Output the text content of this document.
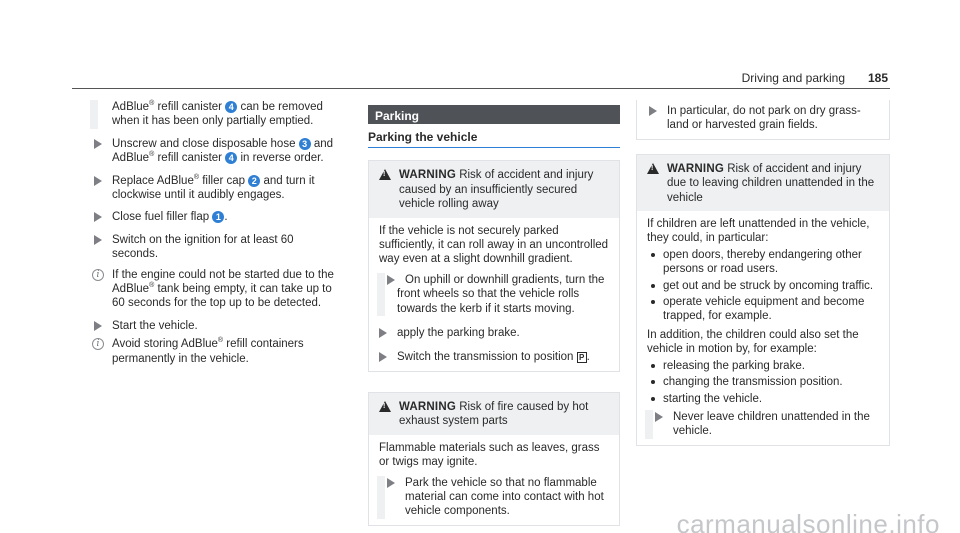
Driving and parking 185
AdBlue® refill canister 4 can be removed when it has been only partially emptied.
Unscrew and close disposable hose 3 and AdBlue® refill canister 4 in reverse order.
Replace AdBlue® filler cap 2 and turn it clockwise until it audibly engages.
Close fuel filler flap 1 .
Switch on the ignition for at least 60 seconds.
i	If the engine could not be started due to the AdBlue® tank being empty, it can take up to 60 seconds for the top up to be detected.
Start the vehicle.
i	Avoid storing AdBlue® refill containers permanently in the vehicle.
Parking
Parking the vehicle
!
WARNING Risk of accident and injury caused by an insufficiently secured vehicle rolling away

If the vehicle is not securely parked sufficiently, it can roll away in an uncontrolled way even at a slight downhill gradient.

On uphill or downhill gradients, turn the front wheels so that the vehicle rolls towards the kerb if it starts moving.
apply the parking brake.
Switch the transmission to position P .
!
WARNING Risk of fire caused by hot exhaust system parts

Flammable materials such as leaves, grass or twigs may ignite.

Park the vehicle so that no flammable material can come into contact with hot vehicle components.
In particular, do not park on dry grass-land or harvested grain fields.
!
WARNING Risk of accident and injury due to leaving children unattended in the vehicle

If children are left unattended in the vehicle, they could, in particular:

open doors, thereby endangering other persons or road users.
get out and be struck by oncoming traffic.
operate vehicle equipment and become trapped, for example.

In addition, the children could also set the vehicle in motion by, for example:

releasing the parking brake.
changing the transmission position.
starting the vehicle.
Never leave children unattended in the vehicle.
carmanualsonline.info
